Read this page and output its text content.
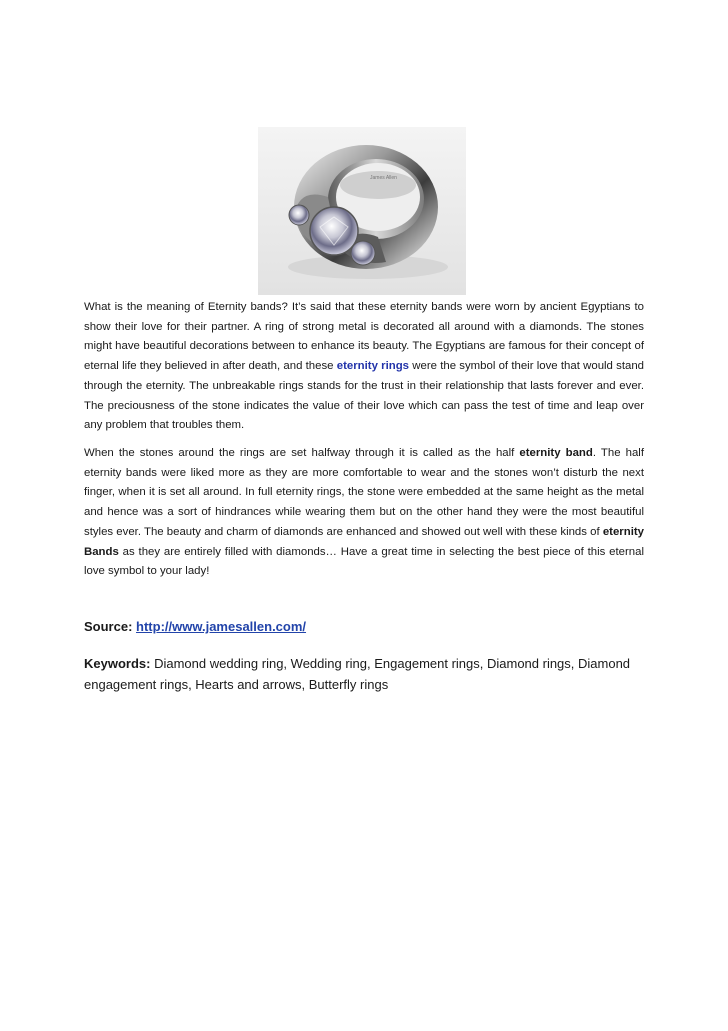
James Allen

What is the meaning of Eternity bands? It’s said that these eternity bands were worn by ancient Egyptians to show their love for their partner. A ring of strong metal is decorated all around with a diamonds. The stones might have beautiful decorations between to enhance its beauty. The Egyptians are famous for their concept of eternal life they believed in after death, and these eternity rings were the symbol of their love that would stand through the eternity. The unbreakable rings stands for the trust in their relationship that lasts forever and ever. The preciousness of the stone indicates the value of their love which can pass the test of time and leap over any problem that troubles them.

When the stones around the rings are set halfway through it is called as the half eternity band. The half eternity bands were liked more as they are more comfortable to wear and the stones won’t disturb the next finger, when it is set all around. In full eternity rings, the stone were embedded at the same height as the metal and hence was a sort of hindrances while wearing them but on the other hand they were the most beautiful styles ever. The beauty and charm of diamonds are enhanced and showed out well with these kinds of eternity Bands as they are entirely filled with diamonds… Have a great time in selecting the best piece of this eternal love symbol to your lady!

Source: http://www.jamesallen.com/
Keywords: Diamond wedding ring, Wedding ring, Engagement rings, Diamond rings, Diamond engagement rings, Hearts and arrows, Butterfly rings
